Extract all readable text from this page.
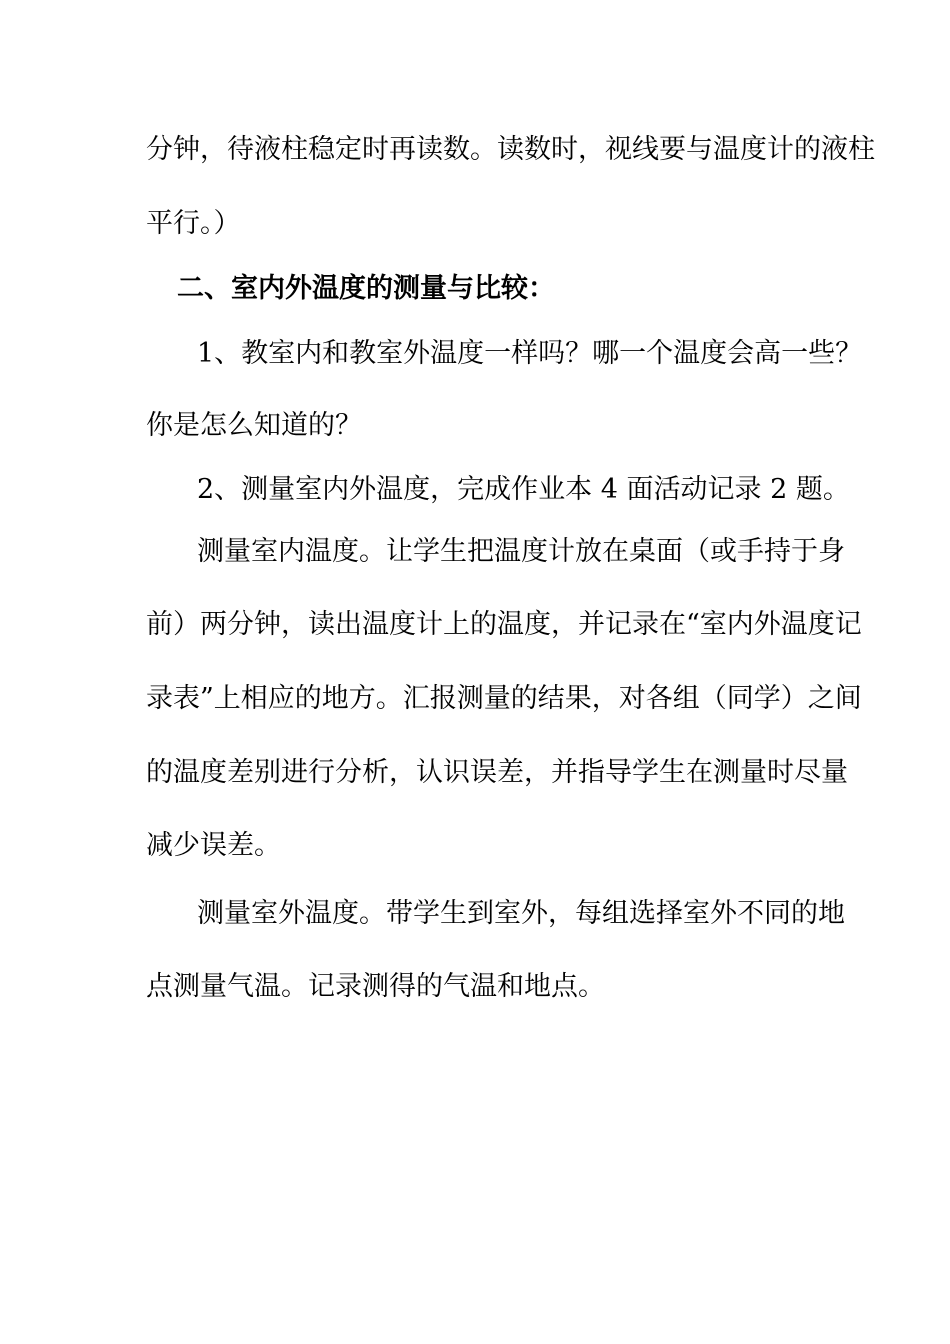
分钟，待液柱稳定时再读数。读数时，视线要与温度计的液柱
平行。）
二、室内外温度的测量与比较：
1、教室内和教室外温度一样吗？哪一个温度会高一些？
你是怎么知道的？
2、测量室内外温度，完成作业本 4 面活动记录 2 题。
测量室内温度。让学生把温度计放在桌面（或手持于身
前）两分钟，读出温度计上的温度，并记录在“室内外温度记
录表”上相应的地方。汇报测量的结果，对各组（同学）之间
的温度差别进行分析，认识误差，并指导学生在测量时尽量
减少误差。
测量室外温度。带学生到室外，每组选择室外不同的地
点测量气温。记录测得的气温和地点。
